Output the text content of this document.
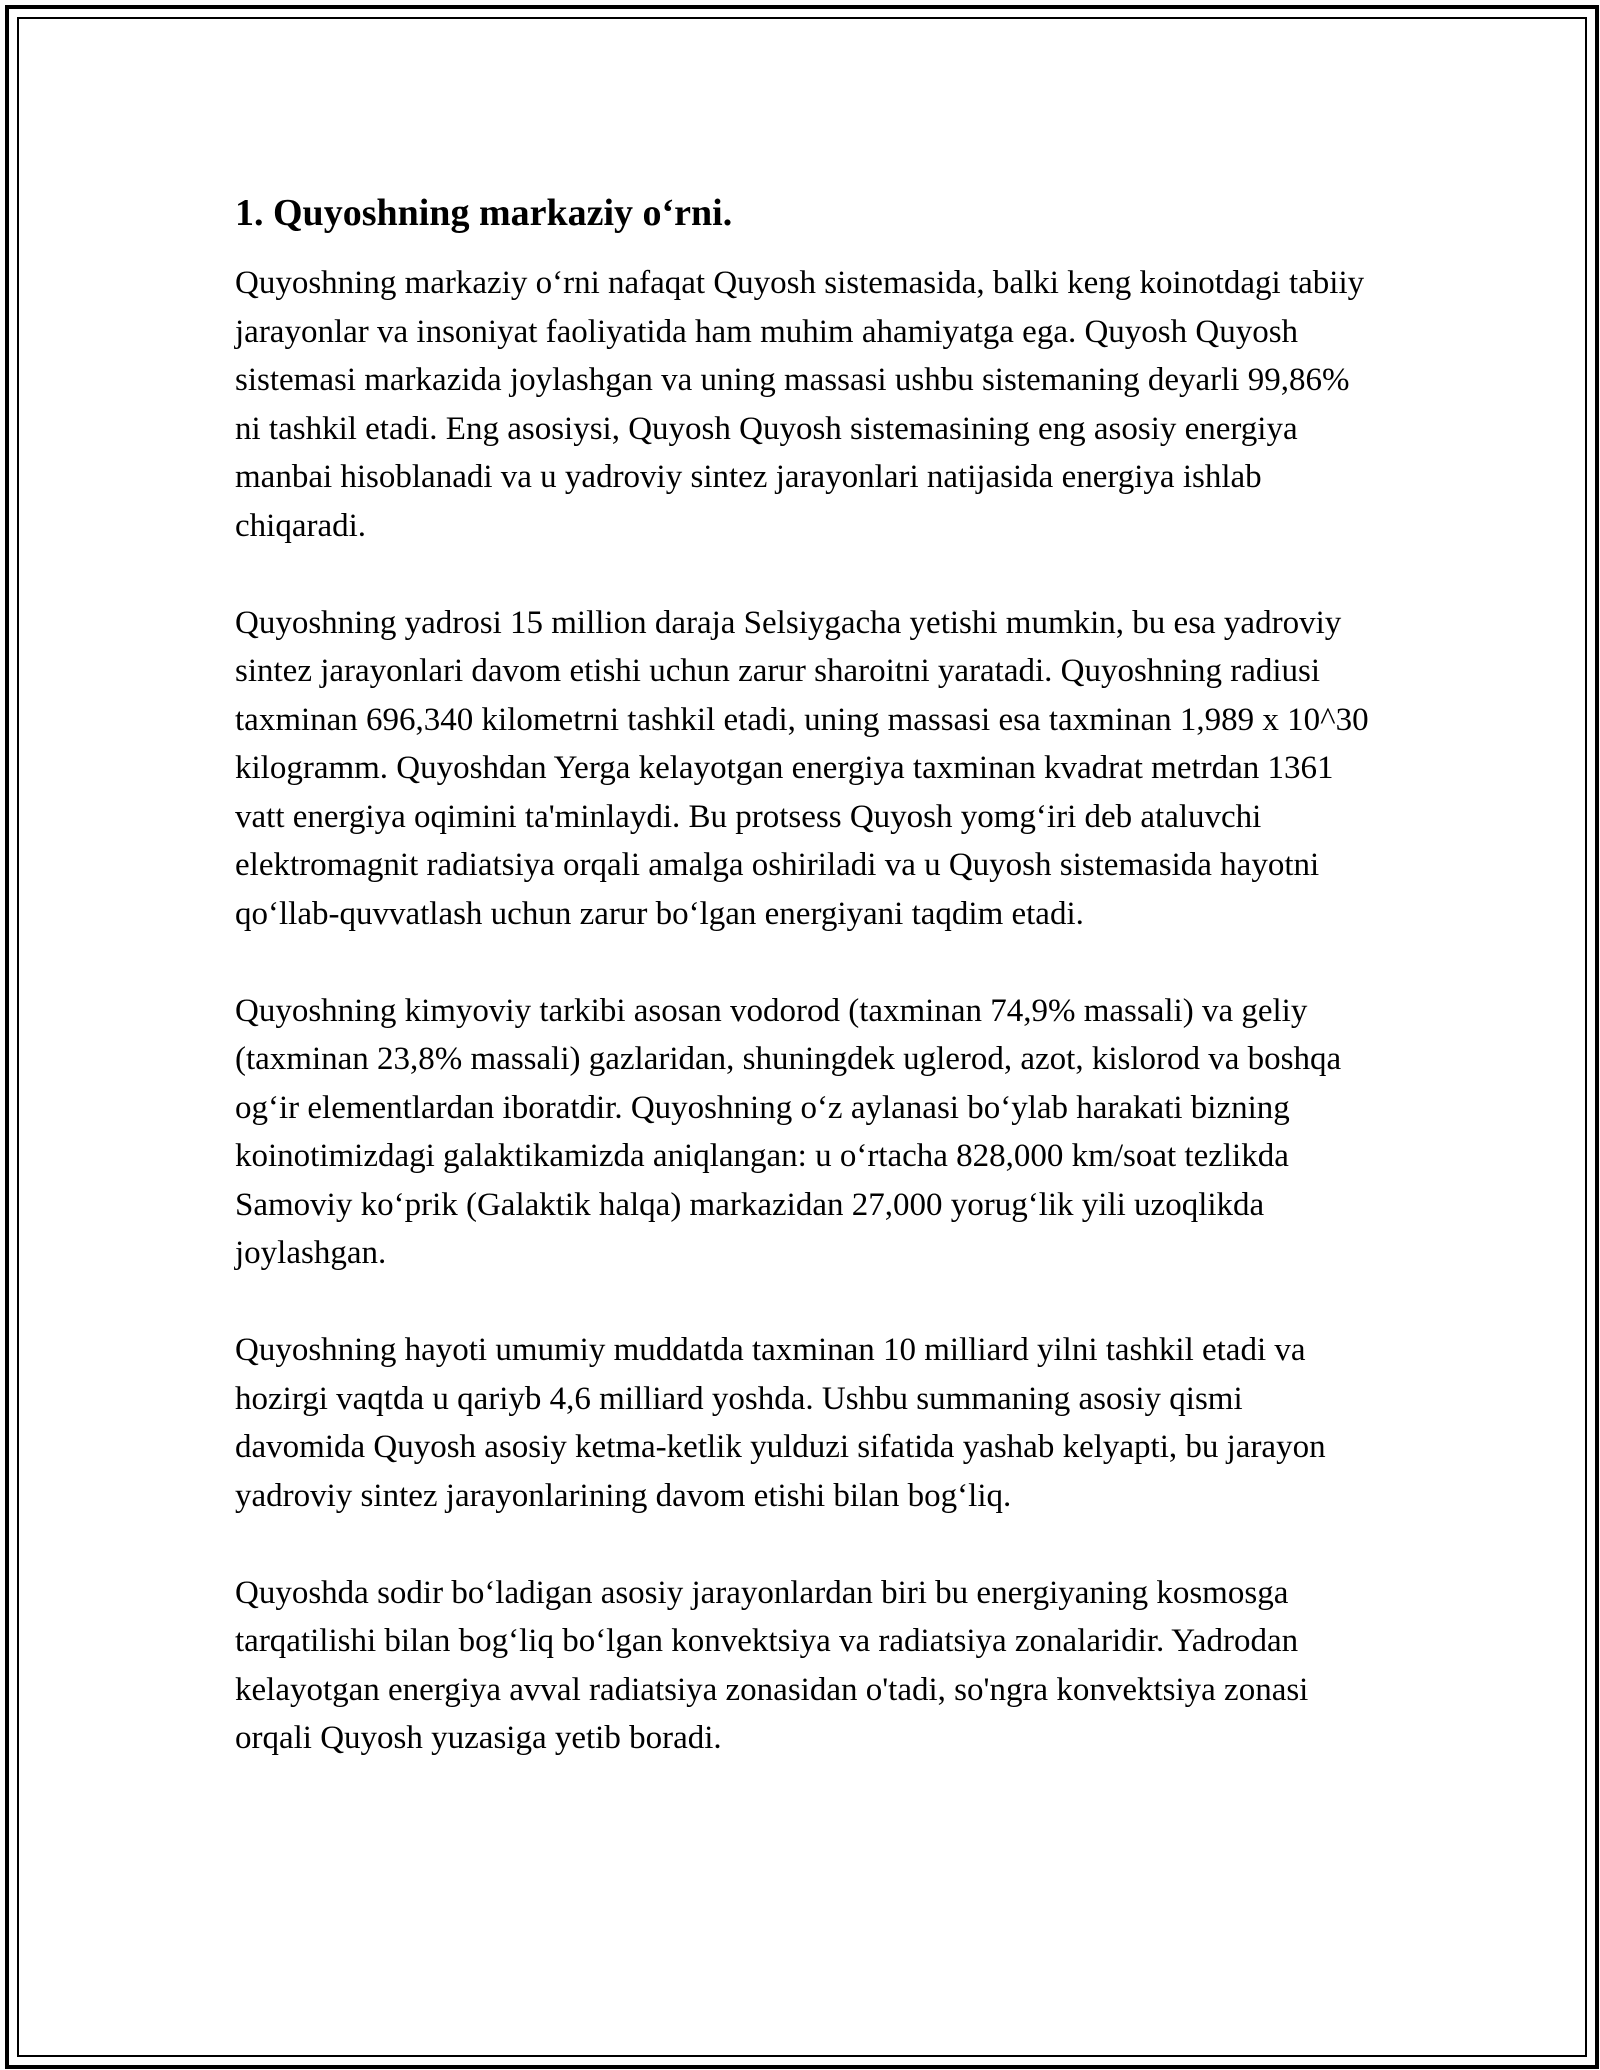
1. Quyoshning markaziy o‘rni.

Quyoshning markaziy o‘rni nafaqat Quyosh sistemasida, balki keng koinotdagi tabiiy jarayonlar va insoniyat faoliyatida ham muhim ahamiyatga ega. Quyosh Quyosh sistemasi markazida joylashgan va uning massasi ushbu sistemaning deyarli 99,86% ni tashkil etadi. Eng asosiysi, Quyosh Quyosh sistemasining eng asosiy energiya manbai hisoblanadi va u yadroviy sintez jarayonlari natijasida energiya ishlab chiqaradi.

Quyoshning yadrosi 15 million daraja Selsiygacha yetishi mumkin, bu esa yadroviy sintez jarayonlari davom etishi uchun zarur sharoitni yaratadi. Quyoshning radiusi taxminan 696,340 kilometrni tashkil etadi, uning massasi esa taxminan 1,989 x 10^30 kilogramm. Quyoshdan Yerga kelayotgan energiya taxminan kvadrat metrdan 1361 vatt energiya oqimini ta'minlaydi. Bu protsess Quyosh yomg‘iri deb ataluvchi elektromagnit radiatsiya orqali amalga oshiriladi va u Quyosh sistemasida hayotni qo‘llab-quvvatlash uchun zarur bo‘lgan energiyani taqdim etadi.

Quyoshning kimyoviy tarkibi asosan vodorod (taxminan 74,9% massali) va geliy (taxminan 23,8% massali) gazlaridan, shuningdek uglerod, azot, kislorod va boshqa og‘ir elementlardan iboratdir. Quyoshning o‘z aylanasi bo‘ylab harakati bizning koinotimizdagi galaktikamizda aniqlangan: u o‘rtacha 828,000 km/soat tezlikda Samoviy ko‘prik (Galaktik halqa) markazidan 27,000 yorug‘lik yili uzoqlikda joylashgan.

Quyoshning hayoti umumiy muddatda taxminan 10 milliard yilni tashkil etadi va hozirgi vaqtda u qariyb 4,6 milliard yoshda. Ushbu summaning asosiy qismi davomida Quyosh asosiy ketma-ketlik yulduzi sifatida yashab kelyapti, bu jarayon yadroviy sintez jarayonlarining davom etishi bilan bog‘liq.

Quyoshda sodir bo‘ladigan asosiy jarayonlardan biri bu energiyaning kosmosga tarqatilishi bilan bog‘liq bo‘lgan konvektsiya va radiatsiya zonalaridir. Yadrodan kelayotgan energiya avval radiatsiya zonasidan o'tadi, so'ngra konvektsiya zonasi orqali Quyosh yuzasiga yetib boradi.
